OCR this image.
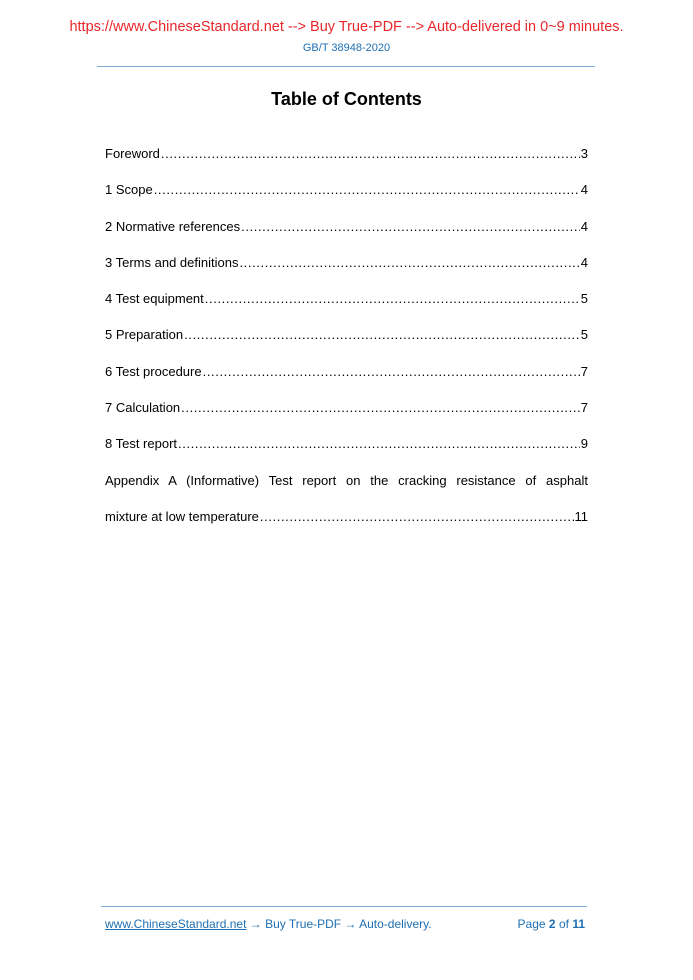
https://www.ChineseStandard.net --> Buy True-PDF --> Auto-delivered in 0~9 minutes.
GB/T 38948-2020
Table of Contents
Foreword .....	3
1 Scope .....	4
2 Normative references .....	4
3 Terms and definitions .....	4
4 Test equipment .....	5
5 Preparation .....	5
6 Test procedure .....	7
7 Calculation .....	7
8 Test report .....	9
Appendix A (Informative) Test report on the cracking resistance of asphalt
mixture at low temperature .....	11
www.ChineseStandard.net → Buy True-PDF → Auto-delivery.	Page 2 of 11
